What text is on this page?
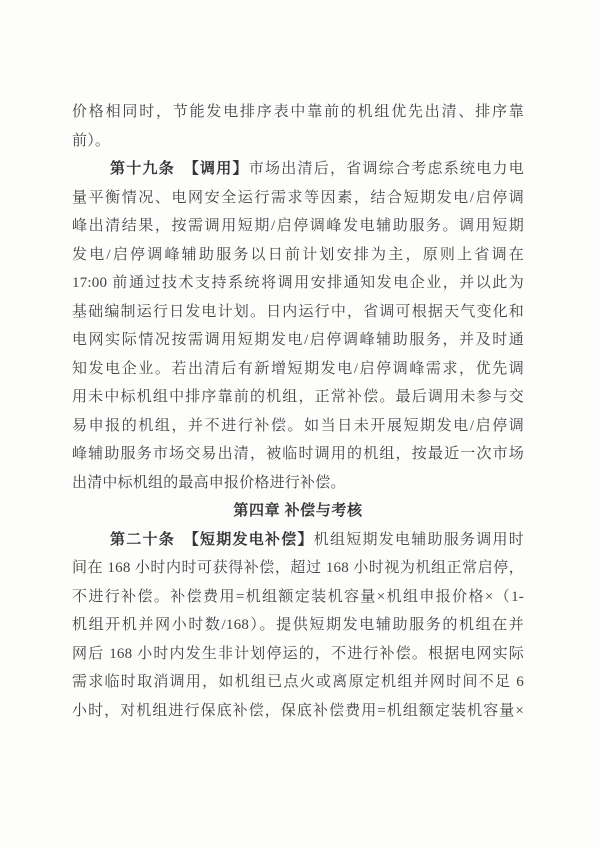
价格相同时，节能发电排序表中靠前的机组优先出清、排序靠
前）。
第十九条　【调用】市场出清后，省调综合考虑系统电力电
量平衡情况、电网安全运行需求等因素，结合短期发电/启停调
峰出清结果，按需调用短期/启停调峰发电辅助服务。调用短期
发电/启停调峰辅助服务以日前计划安排为主，原则上省调在
17:00 前通过技术支持系统将调用安排通知发电企业，并以此为
基础编制运行日发电计划。日内运行中，省调可根据天气变化和
电网实际情况按需调用短期发电/启停调峰辅助服务，并及时通
知发电企业。若出清后有新增短期发电/启停调峰需求，优先调
用未中标机组中排序靠前的机组，正常补偿。最后调用未参与交
易申报的机组，并不进行补偿。如当日未开展短期发电/启停调
峰辅助服务市场交易出清，被临时调用的机组，按最近一次市场
出清中标机组的最高申报价格进行补偿。
第四章 补偿与考核
第二十条　【短期发电补偿】机组短期发电辅助服务调用时
间在 168 小时内时可获得补偿，超过 168 小时视为机组正常启停，
不进行补偿。补偿费用=机组额定装机容量×机组申报价格×（1-
机组开机并网小时数/168）。提供短期发电辅助服务的机组在并
网后 168 小时内发生非计划停运的，不进行补偿。根据电网实际
需求临时取消调用，如机组已点火或离原定机组并网时间不足 6
小时，对机组进行保底补偿，保底补偿费用=机组额定装机容量×
